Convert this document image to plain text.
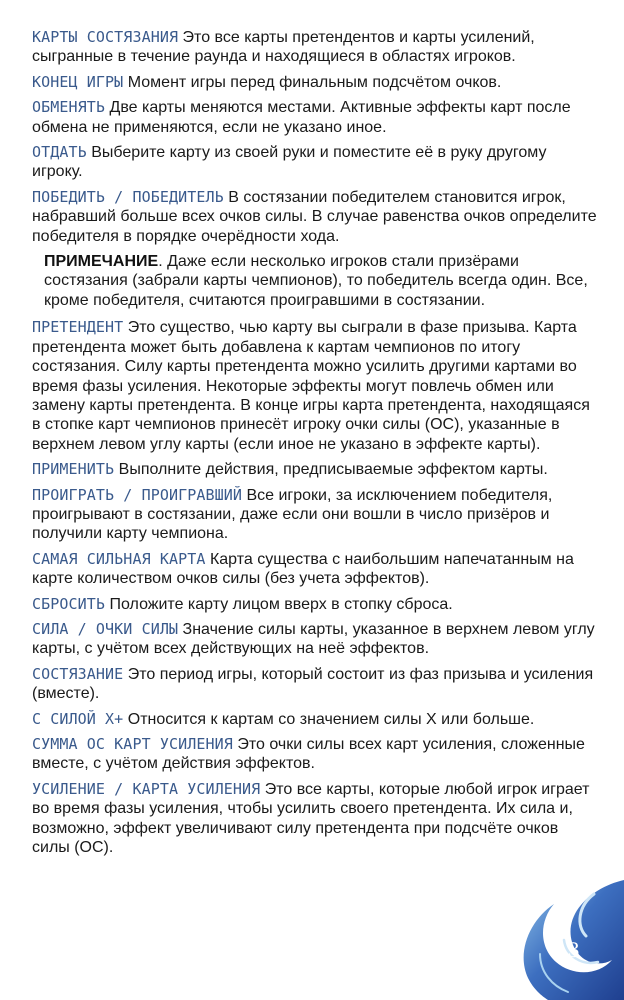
КАРТЫ СОСТЯЗАНИЯ Это все карты претендентов и карты усилений, сыгранные в течение раунда и находящиеся в областях игроков.

КОНЕЦ ИГРЫ Момент игры перед финальным подсчётом очков.

ОБМЕНЯТЬ Две карты меняются местами. Активные эффекты карт после обмена не применяются, если не указано иное.

ОТДАТЬ Выберите карту из своей руки и поместите её в руку другому игроку.

ПОБЕДИТЬ / ПОБЕДИТЕЛЬ В состязании победителем становится игрок, набравший больше всех очков силы. В случае равенства очков определите победителя в порядке очерёдности хода.

ПРИМЕЧАНИЕ. Даже если несколько игроков стали призёрами состязания (забрали карты чемпионов), то победитель всегда один. Все, кроме победителя, считаются проигравшими в состязании.

ПРЕТЕНДЕНТ Это существо, чью карту вы сыграли в фазе призыва. Карта претендента может быть добавлена к картам чемпионов по итогу состязания. Силу карты претендента можно усилить другими картами во время фазы усиления. Некоторые эффекты могут повлечь обмен или замену карты претендента. В конце игры карта претендента, находящаяся в стопке карт чемпионов принесёт игроку очки силы (ОС), указанные в верхнем левом углу карты (если иное не указано в эффекте карты).

ПРИМЕНИТЬ Выполните действия, предписываемые эффектом карты.

ПРОИГРАТЬ / ПРОИГРАВШИЙ Все игроки, за исключением победителя, проигрывают в состязании, даже если они вошли в число призёров и получили карту чемпиона.

САМАЯ СИЛЬНАЯ КАРТА Карта существа с наибольшим напечатанным на карте количеством очков силы (без учета эффектов).

СБРОСИТЬ Положите карту лицом вверх в стопку сброса.

СИЛА / ОЧКИ СИЛЫ Значение силы карты, указанное в верхнем левом углу карты, с учётом всех действующих на неё эффектов.

СОСТЯЗАНИЕ Это период игры, который состоит из фаз призыва и усиления (вместе).

С СИЛОЙ X+ Относится к картам со значением силы X или больше.

СУММА ОС КАРТ УСИЛЕНИЯ Это очки силы всех карт усиления, сложенные вместе, с учётом действия эффектов.

УСИЛЕНИЕ / КАРТА УСИЛЕНИЯ Это все карты, которые любой игрок играет во время фазы усиления, чтобы усилить своего претендента. Их сила и, возможно, эффект увеличивают силу претендента при подсчёте очков силы (ОС).

13
